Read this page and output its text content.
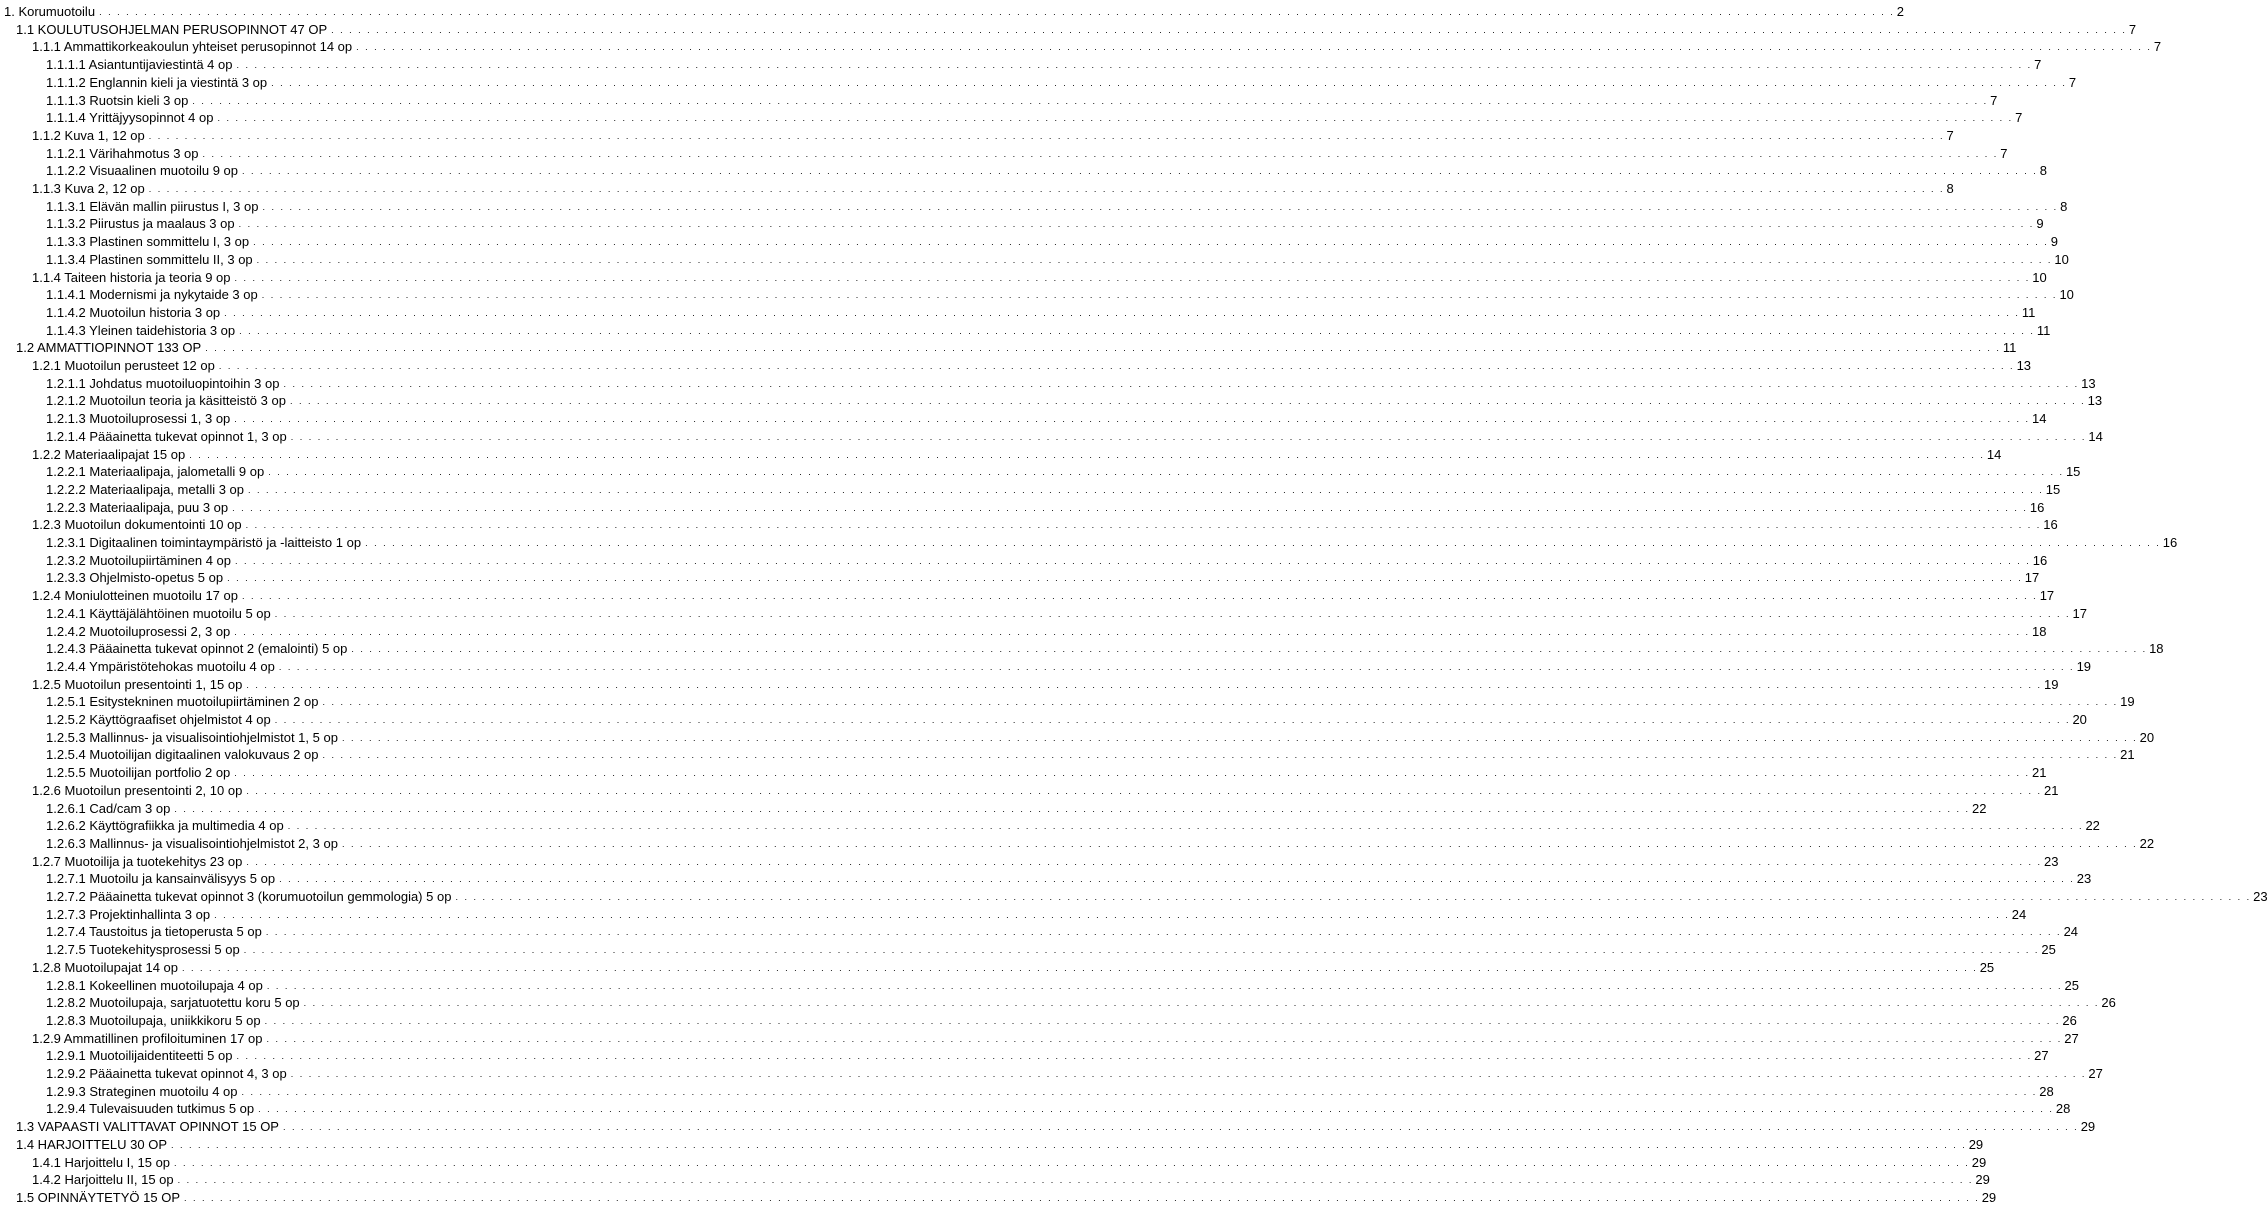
1. Korumuotoilu . . . . . . . . . . . . . . . . . . . . . . . . . . . . . . . . . . . . . . . . . . . . . . . . . . . . . . . . . . . . . . . . . . . . . . . . . . . . . . . . . . . . . . . . . . . . . . . . . . . . . . . . . . . . . . . . . . . . . . . . . . . . . . . . . . . . . . . . . . . . . . . . . . . . . . . . . . . . . . . . . . . . . . . . . . . . . . . . . . . . . . . . . . . . . . . . . . . . . . . . 2
1.1 KOULUTUSOHJELMAN PERUSOPINNOT 47 OP . . . . . . . . . . . . . . . . . . . . . . . . . . . . . . . . . . . . . . . . . . . . . . . . . . . . . . . . . . . . . . . . . . . . . . . . . . . . . . . . . . . . . . . . . . . . . . . . . . . . . . . . . . . . . . . . . . . . . . . . . . . . . . . . . . . . . . . . . . . . . . . . . . . . . . . . . . . . . . . . . . . . . . . . . . . . . . . . . . . . . . . . . . . . . . . . . . . . . . . . 7
1.1.1 Ammattikorkeakoulun yhteiset perusopinnot 14 op . . . . . . . . . . . . . . . . . . . . . . . . . . . . . . . . . . . . . . . . . . . . . . . . . . . . . . . . . . . . . . . . . . . . . . . . . . . . . . . . . . . . . . . . . . . . . . . . . . . . . . . . . . . . . . . . . . . . . . . . . . . . . . . . . . . . . . . . . . . . . . . . . . . . . . . . . . . . . . . . . . . . . . . . . . . . . . . . . . . . . . . . . . . . . . . . . . . . . . . . 7
1.1.1.1 Asiantuntijaviestintä 4 op . . . . . . . . . . . . . . . . . . . . . . . . . . . . . . . . . . . . . . . . . . . . . . . . . . . . . . . . . . . . . . . . . . . . . . . . . . . . . . . . . . . . . . . . . . . . . . . . . . . . . . . . . . . . . . . . . . . . . . . . . . . . . . . . . . . . . . . . . . . . . . . . . . . . . . . . . . . . . . . . . . . . . . . . . . . . . . . . . . . . . . . . . . . . . . . . . . . . . . . . 7
1.1.1.2 Englannin kieli ja viestintä 3 op . . . . . . . . . . . . . . . . . . . . . . . . . . . . . . . . . . . . . . . . . . . . . . . . . . . . . . . . . . . . . . . . . . . . . . . . . . . . . . . . . . . . . . . . . . . . . . . . . . . . . . . . . . . . . . . . . . . . . . . . . . . . . . . . . . . . . . . . . . . . . . . . . . . . . . . . . . . . . . . . . . . . . . . . . . . . . . . . . . . . . . . . . . . . . . . . . . . . . . . . 7
1.1.1.3 Ruotsin kieli 3 op . . . . . . . . . . . . . . . . . . . . . . . . . . . . . . . . . . . . . . . . . . . . . . . . . . . . . . . . . . . . . . . . . . . . . . . . . . . . . . . . . . . . . . . . . . . . . . . . . . . . . . . . . . . . . . . . . . . . . . . . . . . . . . . . . . . . . . . . . . . . . . . . . . . . . . . . . . . . . . . . . . . . . . . . . . . . . . . . . . . . . . . . . . . . . . . . . . . . . . . . 7
1.1.1.4 Yrittäjyysopinnot 4 op . . . . . . . . . . . . . . . . . . . . . . . . . . . . . . . . . . . . . . . . . . . . . . . . . . . . . . . . . . . . . . . . . . . . . . . . . . . . . . . . . . . . . . . . . . . . . . . . . . . . . . . . . . . . . . . . . . . . . . . . . . . . . . . . . . . . . . . . . . . . . . . . . . . . . . . . . . . . . . . . . . . . . . . . . . . . . . . . . . . . . . . . . . . . . . . . . . . . . . . . 7
1.1.2 Kuva 1, 12 op . . . . . . . . . . . . . . . . . . . . . . . . . . . . . . . . . . . . . . . . . . . . . . . . . . . . . . . . . . . . . . . . . . . . . . . . . . . . . . . . . . . . . . . . . . . . . . . . . . . . . . . . . . . . . . . . . . . . . . . . . . . . . . . . . . . . . . . . . . . . . . . . . . . . . . . . . . . . . . . . . . . . . . . . . . . . . . . . . . . . . . . . . . . . . . . . . . . . . . . . 7
1.1.2.1 Värihahmotus 3 op . . . . . . . . . . . . . . . . . . . . . . . . . . . . . . . . . . . . . . . . . . . . . . . . . . . . . . . . . . . . . . . . . . . . . . . . . . . . . . . . . . . . . . . . . . . . . . . . . . . . . . . . . . . . . . . . . . . . . . . . . . . . . . . . . . . . . . . . . . . . . . . . . . . . . . . . . . . . . . . . . . . . . . . . . . . . . . . . . . . . . . . . . . . . . . . . . . . . . . . . 7
1.1.2.2 Visuaalinen muotoilu 9 op . . . . . . . . . . . . . . . . . . . . . . . . . . . . . . . . . . . . . . . . . . . . . . . . . . . . . . . . . . . . . . . . . . . . . . . . . . . . . . . . . . . . . . . . . . . . . . . . . . . . . . . . . . . . . . . . . . . . . . . . . . . . . . . . . . . . . . . . . . . . . . . . . . . . . . . . . . . . . . . . . . . . . . . . . . . . . . . . . . . . . . . . . . . . . . . . . . . . . . . . 8
1.1.3 Kuva 2, 12 op . . . . . . . . . . . . . . . . . . . . . . . . . . . . . . . . . . . . . . . . . . . . . . . . . . . . . . . . . . . . . . . . . . . . . . . . . . . . . . . . . . . . . . . . . . . . . . . . . . . . . . . . . . . . . . . . . . . . . . . . . . . . . . . . . . . . . . . . . . . . . . . . . . . . . . . . . . . . . . . . . . . . . . . . . . . . . . . . . . . . . . . . . . . . . . . . . . . . . . . . 8
1.1.3.1 Elävän mallin piirustus I, 3 op . . . . . . . . . . . . . . . . . . . . . . . . . . . . . . . . . . . . . . . . . . . . . . . . . . . . . . . . . . . . . . . . . . . . . . . . . . . . . . . . . . . . . . . . . . . . . . . . . . . . . . . . . . . . . . . . . . . . . . . . . . . . . . . . . . . . . . . . . . . . . . . . . . . . . . . . . . . . . . . . . . . . . . . . . . . . . . . . . . . . . . . . . . . . . . . . . . . . . . . . 8
1.1.3.2 Piirustus ja maalaus 3 op . . . . . . . . . . . . . . . . . . . . . . . . . . . . . . . . . . . . . . . . . . . . . . . . . . . . . . . . . . . . . . . . . . . . . . . . . . . . . . . . . . . . . . . . . . . . . . . . . . . . . . . . . . . . . . . . . . . . . . . . . . . . . . . . . . . . . . . . . . . . . . . . . . . . . . . . . . . . . . . . . . . . . . . . . . . . . . . . . . . . . . . . . . . . . . . . . . . . . . . . 9
1.1.3.3 Plastinen sommittelu I, 3 op . . . . . . . . . . . . . . . . . . . . . . . . . . . . . . . . . . . . . . . . . . . . . . . . . . . . . . . . . . . . . . . . . . . . . . . . . . . . . . . . . . . . . . . . . . . . . . . . . . . . . . . . . . . . . . . . . . . . . . . . . . . . . . . . . . . . . . . . . . . . . . . . . . . . . . . . . . . . . . . . . . . . . . . . . . . . . . . . . . . . . . . . . . . . . . . . . . . . . . . . 9
1.1.3.4 Plastinen sommittelu II, 3 op . . . . . . . . . . . . . . . . . . . . . . . . . . . . . . . . . . . . . . . . . . . . . . . . . . . . . . . . . . . . . . . . . . . . . . . . . . . . . . . . . . . . . . . . . . . . . . . . . . . . . . . . . . . . . . . . . . . . . . . . . . . . . . . . . . . . . . . . . . . . . . . . . . . . . . . . . . . . . . . . . . . . . . . . . . . . . . . . . . . . . . . . . . . . . . . . . . . . . . . . 10
1.1.4 Taiteen historia ja teoria 9 op . . . . . . . . . . . . . . . . . . . . . . . . . . . . . . . . . . . . . . . . . . . . . . . . . . . . . . . . . . . . . . . . . . . . . . . . . . . . . . . . . . . . . . . . . . . . . . . . . . . . . . . . . . . . . . . . . . . . . . . . . . . . . . . . . . . . . . . . . . . . . . . . . . . . . . . . . . . . . . . . . . . . . . . . . . . . . . . . . . . . . . . . . . . . . . . . . . . . . . . . 10
1.1.4.1 Modernismi ja nykytaide 3 op . . . . . . . . . . . . . . . . . . . . . . . . . . . . . . . . . . . . . . . . . . . . . . . . . . . . . . . . . . . . . . . . . . . . . . . . . . . . . . . . . . . . . . . . . . . . . . . . . . . . . . . . . . . . . . . . . . . . . . . . . . . . . . . . . . . . . . . . . . . . . . . . . . . . . . . . . . . . . . . . . . . . . . . . . . . . . . . . . . . . . . . . . . . . . . . . . . . . . . . . 10
1.1.4.2 Muotoilun historia 3 op . . . . . . . . . . . . . . . . . . . . . . . . . . . . . . . . . . . . . . . . . . . . . . . . . . . . . . . . . . . . . . . . . . . . . . . . . . . . . . . . . . . . . . . . . . . . . . . . . . . . . . . . . . . . . . . . . . . . . . . . . . . . . . . . . . . . . . . . . . . . . . . . . . . . . . . . . . . . . . . . . . . . . . . . . . . . . . . . . . . . . . . . . . . . . . . . . . . . . . . . 11
1.1.4.3 Yleinen taidehistoria 3 op . . . . . . . . . . . . . . . . . . . . . . . . . . . . . . . . . . . . . . . . . . . . . . . . . . . . . . . . . . . . . . . . . . . . . . . . . . . . . . . . . . . . . . . . . . . . . . . . . . . . . . . . . . . . . . . . . . . . . . . . . . . . . . . . . . . . . . . . . . . . . . . . . . . . . . . . . . . . . . . . . . . . . . . . . . . . . . . . . . . . . . . . . . . . . . . . . . . . . . . . 11
1.2 AMMATTIOPINNOT 133 OP . . . . . . . . . . . . . . . . . . . . . . . . . . . . . . . . . . . . . . . . . . . . . . . . . . . . . . . . . . . . . . . . . . . . . . . . . . . . . . . . . . . . . . . . . . . . . . . . . . . . . . . . . . . . . . . . . . . . . . . . . . . . . . . . . . . . . . . . . . . . . . . . . . . . . . . . . . . . . . . . . . . . . . . . . . . . . . . . . . . . . . . . . . . . . . . . . . . . . . . . 11
1.2.1 Muotoilun perusteet 12 op . . . . . . . . . . . . . . . . . . . . . . . . . . . . . . . . . . . . . . . . . . . . . . . . . . . . . . . . . . . . . . . . . . . . . . . . . . . . . . . . . . . . . . . . . . . . . . . . . . . . . . . . . . . . . . . . . . . . . . . . . . . . . . . . . . . . . . . . . . . . . . . . . . . . . . . . . . . . . . . . . . . . . . . . . . . . . . . . . . . . . . . . . . . . . . . . . . . . . . . . 13
1.2.1.1 Johdatus muotoiluopintoihin 3 op . . . . . . . . . . . . . . . . . . . . . . . . . . . . . . . . . . . . . . . . . . . . . . . . . . . . . . . . . . . . . . . . . . . . . . . . . . . . . . . . . . . . . . . . . . . . . . . . . . . . . . . . . . . . . . . . . . . . . . . . . . . . . . . . . . . . . . . . . . . . . . . . . . . . . . . . . . . . . . . . . . . . . . . . . . . . . . . . . . . . . . . . . . . . . . . . . . . . . . . . 13
1.2.1.2 Muotoilun teoria ja käsitteistö 3 op . . . . . . . . . . . . . . . . . . . . . . . . . . . . . . . . . . . . . . . . . . . . . . . . . . . . . . . . . . . . . . . . . . . . . . . . . . . . . . . . . . . . . . . . . . . . . . . . . . . . . . . . . . . . . . . . . . . . . . . . . . . . . . . . . . . . . . . . . . . . . . . . . . . . . . . . . . . . . . . . . . . . . . . . . . . . . . . . . . . . . . . . . . . . . . . . . . . . . . . . 13
1.2.1.3 Muotoiluprosessi 1, 3 op . . . . . . . . . . . . . . . . . . . . . . . . . . . . . . . . . . . . . . . . . . . . . . . . . . . . . . . . . . . . . . . . . . . . . . . . . . . . . . . . . . . . . . . . . . . . . . . . . . . . . . . . . . . . . . . . . . . . . . . . . . . . . . . . . . . . . . . . . . . . . . . . . . . . . . . . . . . . . . . . . . . . . . . . . . . . . . . . . . . . . . . . . . . . . . . . . . . . . . . . 14
1.2.1.4 Pääainetta tukevat opinnot 1, 3 op . . . . . . . . . . . . . . . . . . . . . . . . . . . . . . . . . . . . . . . . . . . . . . . . . . . . . . . . . . . . . . . . . . . . . . . . . . . . . . . . . . . . . . . . . . . . . . . . . . . . . . . . . . . . . . . . . . . . . . . . . . . . . . . . . . . . . . . . . . . . . . . . . . . . . . . . . . . . . . . . . . . . . . . . . . . . . . . . . . . . . . . . . . . . . . . . . . . . . . . . 14
1.2.2 Materiaalipajat 15 op . . . . . . . . . . . . . . . . . . . . . . . . . . . . . . . . . . . . . . . . . . . . . . . . . . . . . . . . . . . . . . . . . . . . . . . . . . . . . . . . . . . . . . . . . . . . . . . . . . . . . . . . . . . . . . . . . . . . . . . . . . . . . . . . . . . . . . . . . . . . . . . . . . . . . . . . . . . . . . . . . . . . . . . . . . . . . . . . . . . . . . . . . . . . . . . . . . . . . . . . 14
1.2.2.1 Materiaalipaja, jalometalli 9 op . . . . . . . . . . . . . . . . . . . . . . . . . . . . . . . . . . . . . . . . . . . . . . . . . . . . . . . . . . . . . . . . . . . . . . . . . . . . . . . . . . . . . . . . . . . . . . . . . . . . . . . . . . . . . . . . . . . . . . . . . . . . . . . . . . . . . . . . . . . . . . . . . . . . . . . . . . . . . . . . . . . . . . . . . . . . . . . . . . . . . . . . . . . . . . . . . . . . . . . . 15
1.2.2.2 Materiaalipaja, metalli 3 op . . . . . . . . . . . . . . . . . . . . . . . . . . . . . . . . . . . . . . . . . . . . . . . . . . . . . . . . . . . . . . . . . . . . . . . . . . . . . . . . . . . . . . . . . . . . . . . . . . . . . . . . . . . . . . . . . . . . . . . . . . . . . . . . . . . . . . . . . . . . . . . . . . . . . . . . . . . . . . . . . . . . . . . . . . . . . . . . . . . . . . . . . . . . . . . . . . . . . . . . 15
1.2.2.3 Materiaalipaja, puu 3 op . . . . . . . . . . . . . . . . . . . . . . . . . . . . . . . . . . . . . . . . . . . . . . . . . . . . . . . . . . . . . . . . . . . . . . . . . . . . . . . . . . . . . . . . . . . . . . . . . . . . . . . . . . . . . . . . . . . . . . . . . . . . . . . . . . . . . . . . . . . . . . . . . . . . . . . . . . . . . . . . . . . . . . . . . . . . . . . . . . . . . . . . . . . . . . . . . . . . . . . . 16
1.2.3 Muotoilun dokumentointi 10 op . . . . . . . . . . . . . . . . . . . . . . . . . . . . . . . . . . . . . . . . . . . . . . . . . . . . . . . . . . . . . . . . . . . . . . . . . . . . . . . . . . . . . . . . . . . . . . . . . . . . . . . . . . . . . . . . . . . . . . . . . . . . . . . . . . . . . . . . . . . . . . . . . . . . . . . . . . . . . . . . . . . . . . . . . . . . . . . . . . . . . . . . . . . . . . . . . . . . . . . . 16
1.2.3.1 Digitaalinen toimintaympäristö ja -laitteisto 1 op . . . . . . . . . . . . . . . . . . . . . . . . . . . . . . . . . . . . . . . . . . . . . . . . . . . . . . . . . . . . . . . . . . . . . . . . . . . . . . . . . . . . . . . . . . . . . . . . . . . . . . . . . . . . . . . . . . . . . . . . . . . . . . . . . . . . . . . . . . . . . . . . . . . . . . . . . . . . . . . . . . . . . . . . . . . . . . . . . . . . . . . . . . . . . . . . . . . . . . . . 16
1.2.3.2 Muotoilupiirtäminen 4 op . . . . . . . . . . . . . . . . . . . . . . . . . . . . . . . . . . . . . . . . . . . . . . . . . . . . . . . . . . . . . . . . . . . . . . . . . . . . . . . . . . . . . . . . . . . . . . . . . . . . . . . . . . . . . . . . . . . . . . . . . . . . . . . . . . . . . . . . . . . . . . . . . . . . . . . . . . . . . . . . . . . . . . . . . . . . . . . . . . . . . . . . . . . . . . . . . . . . . . . . 16
1.2.3.3 Ohjelmisto-opetus 5 op . . . . . . . . . . . . . . . . . . . . . . . . . . . . . . . . . . . . . . . . . . . . . . . . . . . . . . . . . . . . . . . . . . . . . . . . . . . . . . . . . . . . . . . . . . . . . . . . . . . . . . . . . . . . . . . . . . . . . . . . . . . . . . . . . . . . . . . . . . . . . . . . . . . . . . . . . . . . . . . . . . . . . . . . . . . . . . . . . . . . . . . . . . . . . . . . . . . . . . . . 17
1.2.4 Moniulotteinen muotoilu 17 op . . . . . . . . . . . . . . . . . . . . . . . . . . . . . . . . . . . . . . . . . . . . . . . . . . . . . . . . . . . . . . . . . . . . . . . . . . . . . . . . . . . . . . . . . . . . . . . . . . . . . . . . . . . . . . . . . . . . . . . . . . . . . . . . . . . . . . . . . . . . . . . . . . . . . . . . . . . . . . . . . . . . . . . . . . . . . . . . . . . . . . . . . . . . . . . . . . . . . . . . 17
1.2.4.1 Käyttäjälähtöinen muotoilu 5 op . . . . . . . . . . . . . . . . . . . . . . . . . . . . . . . . . . . . . . . . . . . . . . . . . . . . . . . . . . . . . . . . . . . . . . . . . . . . . . . . . . . . . . . . . . . . . . . . . . . . . . . . . . . . . . . . . . . . . . . . . . . . . . . . . . . . . . . . . . . . . . . . . . . . . . . . . . . . . . . . . . . . . . . . . . . . . . . . . . . . . . . . . . . . . . . . . . . . . . . . 17
1.2.4.2 Muotoiluprosessi 2, 3 op . . . . . . . . . . . . . . . . . . . . . . . . . . . . . . . . . . . . . . . . . . . . . . . . . . . . . . . . . . . . . . . . . . . . . . . . . . . . . . . . . . . . . . . . . . . . . . . . . . . . . . . . . . . . . . . . . . . . . . . . . . . . . . . . . . . . . . . . . . . . . . . . . . . . . . . . . . . . . . . . . . . . . . . . . . . . . . . . . . . . . . . . . . . . . . . . . . . . . . . . 18
1.2.4.3 Pääainetta tukevat opinnot 2 (emalointi) 5 op . . . . . . . . . . . . . . . . . . . . . . . . . . . . . . . . . . . . . . . . . . . . . . . . . . . . . . . . . . . . . . . . . . . . . . . . . . . . . . . . . . . . . . . . . . . . . . . . . . . . . . . . . . . . . . . . . . . . . . . . . . . . . . . . . . . . . . . . . . . . . . . . . . . . . . . . . . . . . . . . . . . . . . . . . . . . . . . . . . . . . . . . . . . . . . . . . . . . . . . . 18
1.2.4.4 Ympäristötehokas muotoilu 4 op . . . . . . . . . . . . . . . . . . . . . . . . . . . . . . . . . . . . . . . . . . . . . . . . . . . . . . . . . . . . . . . . . . . . . . . . . . . . . . . . . . . . . . . . . . . . . . . . . . . . . . . . . . . . . . . . . . . . . . . . . . . . . . . . . . . . . . . . . . . . . . . . . . . . . . . . . . . . . . . . . . . . . . . . . . . . . . . . . . . . . . . . . . . . . . . . . . . . . . . . 19
1.2.5 Muotoilun presentointi 1, 15 op . . . . . . . . . . . . . . . . . . . . . . . . . . . . . . . . . . . . . . . . . . . . . . . . . . . . . . . . . . . . . . . . . . . . . . . . . . . . . . . . . . . . . . . . . . . . . . . . . . . . . . . . . . . . . . . . . . . . . . . . . . . . . . . . . . . . . . . . . . . . . . . . . . . . . . . . . . . . . . . . . . . . . . . . . . . . . . . . . . . . . . . . . . . . . . . . . . . . . . . . 19
1.2.5.1 Esitystekninen muotoilupiirtäminen 2 op . . . . . . . . . . . . . . . . . . . . . . . . . . . . . . . . . . . . . . . . . . . . . . . . . . . . . . . . . . . . . . . . . . . . . . . . . . . . . . . . . . . . . . . . . . . . . . . . . . . . . . . . . . . . . . . . . . . . . . . . . . . . . . . . . . . . . . . . . . . . . . . . . . . . . . . . . . . . . . . . . . . . . . . . . . . . . . . . . . . . . . . . . . . . . . . . . . . . . . . . 19
1.2.5.2 Käyttögraafiset ohjelmistot 4 op . . . . . . . . . . . . . . . . . . . . . . . . . . . . . . . . . . . . . . . . . . . . . . . . . . . . . . . . . . . . . . . . . . . . . . . . . . . . . . . . . . . . . . . . . . . . . . . . . . . . . . . . . . . . . . . . . . . . . . . . . . . . . . . . . . . . . . . . . . . . . . . . . . . . . . . . . . . . . . . . . . . . . . . . . . . . . . . . . . . . . . . . . . . . . . . . . . . . . . . . 20
1.2.5.3 Mallinnus- ja visualisointiohjelmistot 1, 5 op . . . . . . . . . . . . . . . . . . . . . . . . . . . . . . . . . . . . . . . . . . . . . . . . . . . . . . . . . . . . . . . . . . . . . . . . . . . . . . . . . . . . . . . . . . . . . . . . . . . . . . . . . . . . . . . . . . . . . . . . . . . . . . . . . . . . . . . . . . . . . . . . . . . . . . . . . . . . . . . . . . . . . . . . . . . . . . . . . . . . . . . . . . . . . . . . . . . . . . . . 20
1.2.5.4 Muotoilijan digitaalinen valokuvaus 2 op . . . . . . . . . . . . . . . . . . . . . . . . . . . . . . . . . . . . . . . . . . . . . . . . . . . . . . . . . . . . . . . . . . . . . . . . . . . . . . . . . . . . . . . . . . . . . . . . . . . . . . . . . . . . . . . . . . . . . . . . . . . . . . . . . . . . . . . . . . . . . . . . . . . . . . . . . . . . . . . . . . . . . . . . . . . . . . . . . . . . . . . . . . . . . . . . . . . . . . . . 21
1.2.5.5 Muotoilijan portfolio 2 op . . . . . . . . . . . . . . . . . . . . . . . . . . . . . . . . . . . . . . . . . . . . . . . . . . . . . . . . . . . . . . . . . . . . . . . . . . . . . . . . . . . . . . . . . . . . . . . . . . . . . . . . . . . . . . . . . . . . . . . . . . . . . . . . . . . . . . . . . . . . . . . . . . . . . . . . . . . . . . . . . . . . . . . . . . . . . . . . . . . . . . . . . . . . . . . . . . . . . . . . 21
1.2.6 Muotoilun presentointi 2, 10 op . . . . . . . . . . . . . . . . . . . . . . . . . . . . . . . . . . . . . . . . . . . . . . . . . . . . . . . . . . . . . . . . . . . . . . . . . . . . . . . . . . . . . . . . . . . . . . . . . . . . . . . . . . . . . . . . . . . . . . . . . . . . . . . . . . . . . . . . . . . . . . . . . . . . . . . . . . . . . . . . . . . . . . . . . . . . . . . . . . . . . . . . . . . . . . . . . . . . . . . . 21
1.2.6.1 Cad/cam 3 op . . . . . . . . . . . . . . . . . . . . . . . . . . . . . . . . . . . . . . . . . . . . . . . . . . . . . . . . . . . . . . . . . . . . . . . . . . . . . . . . . . . . . . . . . . . . . . . . . . . . . . . . . . . . . . . . . . . . . . . . . . . . . . . . . . . . . . . . . . . . . . . . . . . . . . . . . . . . . . . . . . . . . . . . . . . . . . . . . . . . . . . . . . . . . . . . . . . . . . . . 22
1.2.6.2 Käyttögrafiikka ja multimedia 4 op . . . . . . . . . . . . . . . . . . . . . . . . . . . . . . . . . . . . . . . . . . . . . . . . . . . . . . . . . . . . . . . . . . . . . . . . . . . . . . . . . . . . . . . . . . . . . . . . . . . . . . . . . . . . . . . . . . . . . . . . . . . . . . . . . . . . . . . . . . . . . . . . . . . . . . . . . . . . . . . . . . . . . . . . . . . . . . . . . . . . . . . . . . . . . . . . . . . . . . . . 22
1.2.6.3 Mallinnus- ja visualisointiohjelmistot 2, 3 op . . . . . . . . . . . . . . . . . . . . . . . . . . . . . . . . . . . . . . . . . . . . . . . . . . . . . . . . . . . . . . . . . . . . . . . . . . . . . . . . . . . . . . . . . . . . . . . . . . . . . . . . . . . . . . . . . . . . . . . . . . . . . . . . . . . . . . . . . . . . . . . . . . . . . . . . . . . . . . . . . . . . . . . . . . . . . . . . . . . . . . . . . . . . . . . . . . . . . . . . 22
1.2.7 Muotoilija ja tuotekehitys 23 op . . . . . . . . . . . . . . . . . . . . . . . . . . . . . . . . . . . . . . . . . . . . . . . . . . . . . . . . . . . . . . . . . . . . . . . . . . . . . . . . . . . . . . . . . . . . . . . . . . . . . . . . . . . . . . . . . . . . . . . . . . . . . . . . . . . . . . . . . . . . . . . . . . . . . . . . . . . . . . . . . . . . . . . . . . . . . . . . . . . . . . . . . . . . . . . . . . . . . . . . 23
1.2.7.1 Muotoilu ja kansainvälisyys 5 op . . . . . . . . . . . . . . . . . . . . . . . . . . . . . . . . . . . . . . . . . . . . . . . . . . . . . . . . . . . . . . . . . . . . . . . . . . . . . . . . . . . . . . . . . . . . . . . . . . . . . . . . . . . . . . . . . . . . . . . . . . . . . . . . . . . . . . . . . . . . . . . . . . . . . . . . . . . . . . . . . . . . . . . . . . . . . . . . . . . . . . . . . . . . . . . . . . . . . . . . 23
1.2.7.2 Pääainetta tukevat opinnot 3 (korumuotoilun gemmologia) 5 op . . . . . . . . . . . . . . . . . . . . . . . . . . . . . . . . . . . . . . . . . . . . . . . . . . . . . . . . . . . . . . . . . . . . . . . . . . . . . . . . . . . . . . . . . . . . . . . . . . . . . . . . . . . . . . . . . . . . . . . . . . . . . . . . . . . . . . . . . . . . . . . . . . . . . . . . . . . . . . . . . . . . . . . . . . . . . . . . . . . . . . . . . . . . . . . . . . . . . . . . 23
1.2.7.3 Projektinhallinta 3 op . . . . . . . . . . . . . . . . . . . . . . . . . . . . . . . . . . . . . . . . . . . . . . . . . . . . . . . . . . . . . . . . . . . . . . . . . . . . . . . . . . . . . . . . . . . . . . . . . . . . . . . . . . . . . . . . . . . . . . . . . . . . . . . . . . . . . . . . . . . . . . . . . . . . . . . . . . . . . . . . . . . . . . . . . . . . . . . . . . . . . . . . . . . . . . . . . . . . . . . . 24
1.2.7.4 Taustoitus ja tietoperusta 5 op . . . . . . . . . . . . . . . . . . . . . . . . . . . . . . . . . . . . . . . . . . . . . . . . . . . . . . . . . . . . . . . . . . . . . . . . . . . . . . . . . . . . . . . . . . . . . . . . . . . . . . . . . . . . . . . . . . . . . . . . . . . . . . . . . . . . . . . . . . . . . . . . . . . . . . . . . . . . . . . . . . . . . . . . . . . . . . . . . . . . . . . . . . . . . . . . . . . . . . . . 24
1.2.7.5 Tuotekehitysprosessi 5 op . . . . . . . . . . . . . . . . . . . . . . . . . . . . . . . . . . . . . . . . . . . . . . . . . . . . . . . . . . . . . . . . . . . . . . . . . . . . . . . . . . . . . . . . . . . . . . . . . . . . . . . . . . . . . . . . . . . . . . . . . . . . . . . . . . . . . . . . . . . . . . . . . . . . . . . . . . . . . . . . . . . . . . . . . . . . . . . . . . . . . . . . . . . . . . . . . . . . . . . . 25
1.2.8 Muotoilupajat 14 op . . . . . . . . . . . . . . . . . . . . . . . . . . . . . . . . . . . . . . . . . . . . . . . . . . . . . . . . . . . . . . . . . . . . . . . . . . . . . . . . . . . . . . . . . . . . . . . . . . . . . . . . . . . . . . . . . . . . . . . . . . . . . . . . . . . . . . . . . . . . . . . . . . . . . . . . . . . . . . . . . . . . . . . . . . . . . . . . . . . . . . . . . . . . . . . . . . . . . . . . 25
1.2.8.1 Kokeellinen muotoilupaja 4 op . . . . . . . . . . . . . . . . . . . . . . . . . . . . . . . . . . . . . . . . . . . . . . . . . . . . . . . . . . . . . . . . . . . . . . . . . . . . . . . . . . . . . . . . . . . . . . . . . . . . . . . . . . . . . . . . . . . . . . . . . . . . . . . . . . . . . . . . . . . . . . . . . . . . . . . . . . . . . . . . . . . . . . . . . . . . . . . . . . . . . . . . . . . . . . . . . . . . . . . . 25
1.2.8.2 Muotoilupaja, sarjatuotettu koru 5 op . . . . . . . . . . . . . . . . . . . . . . . . . . . . . . . . . . . . . . . . . . . . . . . . . . . . . . . . . . . . . . . . . . . . . . . . . . . . . . . . . . . . . . . . . . . . . . . . . . . . . . . . . . . . . . . . . . . . . . . . . . . . . . . . . . . . . . . . . . . . . . . . . . . . . . . . . . . . . . . . . . . . . . . . . . . . . . . . . . . . . . . . . . . . . . . . . . . . . . . . 26
1.2.8.3 Muotoilupaja, uniikkikoru 5 op . . . . . . . . . . . . . . . . . . . . . . . . . . . . . . . . . . . . . . . . . . . . . . . . . . . . . . . . . . . . . . . . . . . . . . . . . . . . . . . . . . . . . . . . . . . . . . . . . . . . . . . . . . . . . . . . . . . . . . . . . . . . . . . . . . . . . . . . . . . . . . . . . . . . . . . . . . . . . . . . . . . . . . . . . . . . . . . . . . . . . . . . . . . . . . . . . . . . . . . . 26
1.2.9 Ammatillinen profiloituminen 17 op . . . . . . . . . . . . . . . . . . . . . . . . . . . . . . . . . . . . . . . . . . . . . . . . . . . . . . . . . . . . . . . . . . . . . . . . . . . . . . . . . . . . . . . . . . . . . . . . . . . . . . . . . . . . . . . . . . . . . . . . . . . . . . . . . . . . . . . . . . . . . . . . . . . . . . . . . . . . . . . . . . . . . . . . . . . . . . . . . . . . . . . . . . . . . . . . . . . . . . . . 27
1.2.9.1 Muotoilijaidentiteetti 5 op . . . . . . . . . . . . . . . . . . . . . . . . . . . . . . . . . . . . . . . . . . . . . . . . . . . . . . . . . . . . . . . . . . . . . . . . . . . . . . . . . . . . . . . . . . . . . . . . . . . . . . . . . . . . . . . . . . . . . . . . . . . . . . . . . . . . . . . . . . . . . . . . . . . . . . . . . . . . . . . . . . . . . . . . . . . . . . . . . . . . . . . . . . . . . . . . . . . . . . . . 27
1.2.9.2 Pääainetta tukevat opinnot 4, 3 op . . . . . . . . . . . . . . . . . . . . . . . . . . . . . . . . . . . . . . . . . . . . . . . . . . . . . . . . . . . . . . . . . . . . . . . . . . . . . . . . . . . . . . . . . . . . . . . . . . . . . . . . . . . . . . . . . . . . . . . . . . . . . . . . . . . . . . . . . . . . . . . . . . . . . . . . . . . . . . . . . . . . . . . . . . . . . . . . . . . . . . . . . . . . . . . . . . . . . . . . 27
1.2.9.3 Strateginen muotoilu 4 op . . . . . . . . . . . . . . . . . . . . . . . . . . . . . . . . . . . . . . . . . . . . . . . . . . . . . . . . . . . . . . . . . . . . . . . . . . . . . . . . . . . . . . . . . . . . . . . . . . . . . . . . . . . . . . . . . . . . . . . . . . . . . . . . . . . . . . . . . . . . . . . . . . . . . . . . . . . . . . . . . . . . . . . . . . . . . . . . . . . . . . . . . . . . . . . . . . . . . . . . 28
1.2.9.4 Tulevaisuuden tutkimus 5 op . . . . . . . . . . . . . . . . . . . . . . . . . . . . . . . . . . . . . . . . . . . . . . . . . . . . . . . . . . . . . . . . . . . . . . . . . . . . . . . . . . . . . . . . . . . . . . . . . . . . . . . . . . . . . . . . . . . . . . . . . . . . . . . . . . . . . . . . . . . . . . . . . . . . . . . . . . . . . . . . . . . . . . . . . . . . . . . . . . . . . . . . . . . . . . . . . . . . . . . . 28
1.3 VAPAASTI VALITTAVAT OPINNOT 15 OP . . . . . . . . . . . . . . . . . . . . . . . . . . . . . . . . . . . . . . . . . . . . . . . . . . . . . . . . . . . . . . . . . . . . . . . . . . . . . . . . . . . . . . . . . . . . . . . . . . . . . . . . . . . . . . . . . . . . . . . . . . . . . . . . . . . . . . . . . . . . . . . . . . . . . . . . . . . . . . . . . . . . . . . . . . . . . . . . . . . . . . . . . . . . . . . . . . . . . . . . 29
1.4 HARJOITTELU 30 OP . . . . . . . . . . . . . . . . . . . . . . . . . . . . . . . . . . . . . . . . . . . . . . . . . . . . . . . . . . . . . . . . . . . . . . . . . . . . . . . . . . . . . . . . . . . . . . . . . . . . . . . . . . . . . . . . . . . . . . . . . . . . . . . . . . . . . . . . . . . . . . . . . . . . . . . . . . . . . . . . . . . . . . . . . . . . . . . . . . . . . . . . . . . . . . . . . . . . . . . . 29
1.4.1 Harjoittelu I, 15 op . . . . . . . . . . . . . . . . . . . . . . . . . . . . . . . . . . . . . . . . . . . . . . . . . . . . . . . . . . . . . . . . . . . . . . . . . . . . . . . . . . . . . . . . . . . . . . . . . . . . . . . . . . . . . . . . . . . . . . . . . . . . . . . . . . . . . . . . . . . . . . . . . . . . . . . . . . . . . . . . . . . . . . . . . . . . . . . . . . . . . . . . . . . . . . . . . . . . . . . . 29
1.4.2 Harjoittelu II, 15 op . . . . . . . . . . . . . . . . . . . . . . . . . . . . . . . . . . . . . . . . . . . . . . . . . . . . . . . . . . . . . . . . . . . . . . . . . . . . . . . . . . . . . . . . . . . . . . . . . . . . . . . . . . . . . . . . . . . . . . . . . . . . . . . . . . . . . . . . . . . . . . . . . . . . . . . . . . . . . . . . . . . . . . . . . . . . . . . . . . . . . . . . . . . . . . . . . . . . . . . . 29
1.5 OPINNÄYTETYÖ 15 OP . . . . . . . . . . . . . . . . . . . . . . . . . . . . . . . . . . . . . . . . . . . . . . . . . . . . . . . . . . . . . . . . . . . . . . . . . . . . . . . . . . . . . . . . . . . . . . . . . . . . . . . . . . . . . . . . . . . . . . . . . . . . . . . . . . . . . . . . . . . . . . . . . . . . . . . . . . . . . . . . . . . . . . . . . . . . . . . . . . . . . . . . . . . . . . . . . . . . . . . . 29
